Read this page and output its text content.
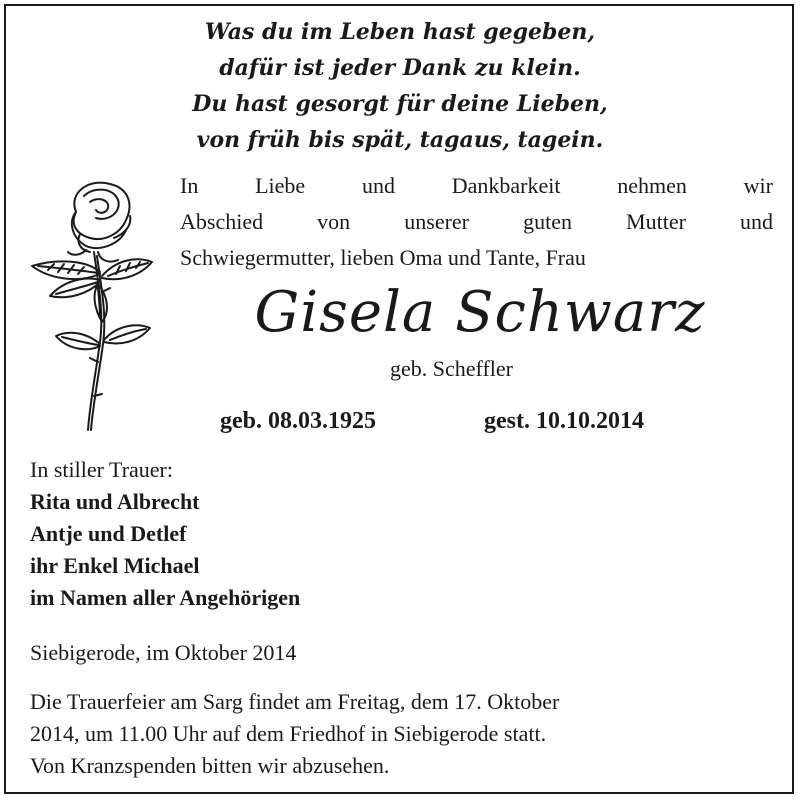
Was du im Leben hast gegeben,
dafür ist jeder Dank zu klein.
Du hast gesorgt für deine Lieben,
von früh bis spät, tagaus, tagein.
In Liebe und Dankbarkeit nehmen wir
Abschied von unserer guten Mutter und
Schwiegermutter, lieben Oma und Tante, Frau
Gisela Schwarz
geb. Scheffler
geb. 08.03.1925	gest. 10.10.2014
In stiller Trauer:
Rita und Albrecht
Antje und Detlef
ihr Enkel Michael
im Namen aller Angehörigen
Siebigerode, im Oktober 2014
Die Trauerfeier am Sarg findet am Freitag, dem 17. Oktober
2014, um 11.00 Uhr auf dem Friedhof in Siebigerode statt.
Von Kranzspenden bitten wir abzusehen.
